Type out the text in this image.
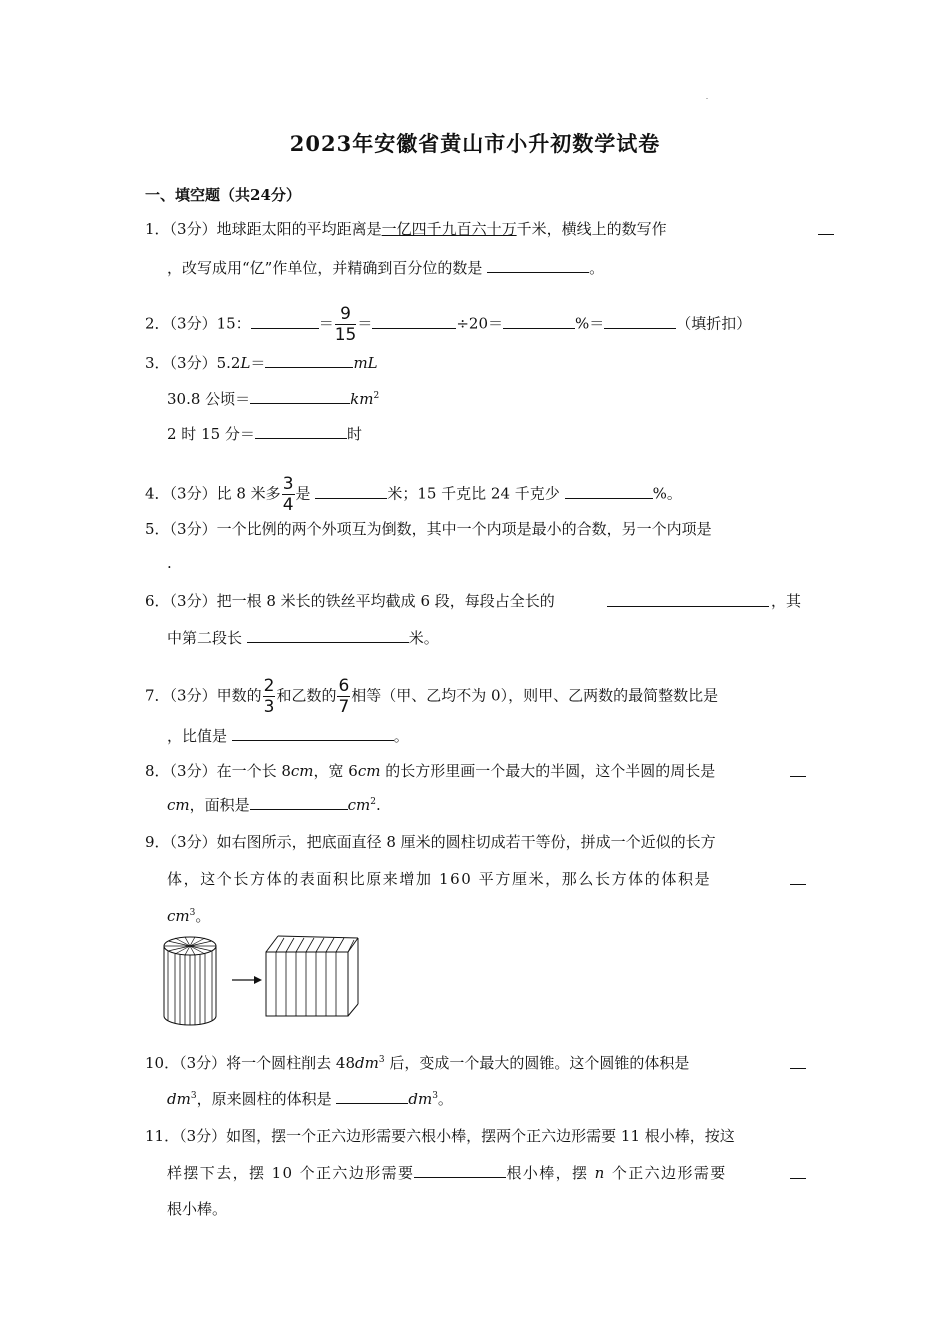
2023年安徽省黄山市小升初数学试卷
一、填空题（共24分）
1．（3分）地球距太阳的平均距离是一亿四千九百六十万千米，横线上的数写作
，改写成用“亿”作单位，并精确到百分位的数是	。
2．（3分）15：	＝ $\frac{9}{15}$ ＝	÷20＝	%＝	（填折扣）
3．（3分）5.2L＝	mL
30.8 公顷＝	$km^2$
2 时 15 分＝	时
4．（3分）比 8 米多 $\frac{3}{4}$ 是	米；15 千克比 24 千克少	%。
5．（3分）一个比例的两个外项互为倒数，其中一个内项是最小的合数，另一个内项是
.
6．（3分）把一根 8 米长的铁丝平均截成 6 段，每段占全长的	，其
中第二段长	米。
7．（3分）甲数的 $\frac{2}{3}$ 和乙数的 $\frac{6}{7}$ 相等（甲、乙均不为 0），则甲、乙两数的最简整数比是
，比值是	。
8．（3分）在一个长 8cm，宽 6cm 的长方形里画一个最大的半圆，这个半圆的周长是
cm，面积是	$cm^2$.
9．（3分）如右图所示，把底面直径 8 厘米的圆柱切成若干等份，拼成一个近似的长方
体，这个长方体的表面积比原来增加 160 平方厘米，那么长方体的体积是
$cm^3$。
10．（3分）将一个圆柱削去 $48dm^3$ 后，变成一个最大的圆锥。这个圆锥的体积是
$dm^3$，原来圆柱的体积是	$dm^3$。
11．（3分）如图，摆一个正六边形需要六根小棒，摆两个正六边形需要 11 根小棒，按这
样摆下去，摆 10 个正六边形需要	根小棒，摆 n 个正六边形需要
根小棒。
